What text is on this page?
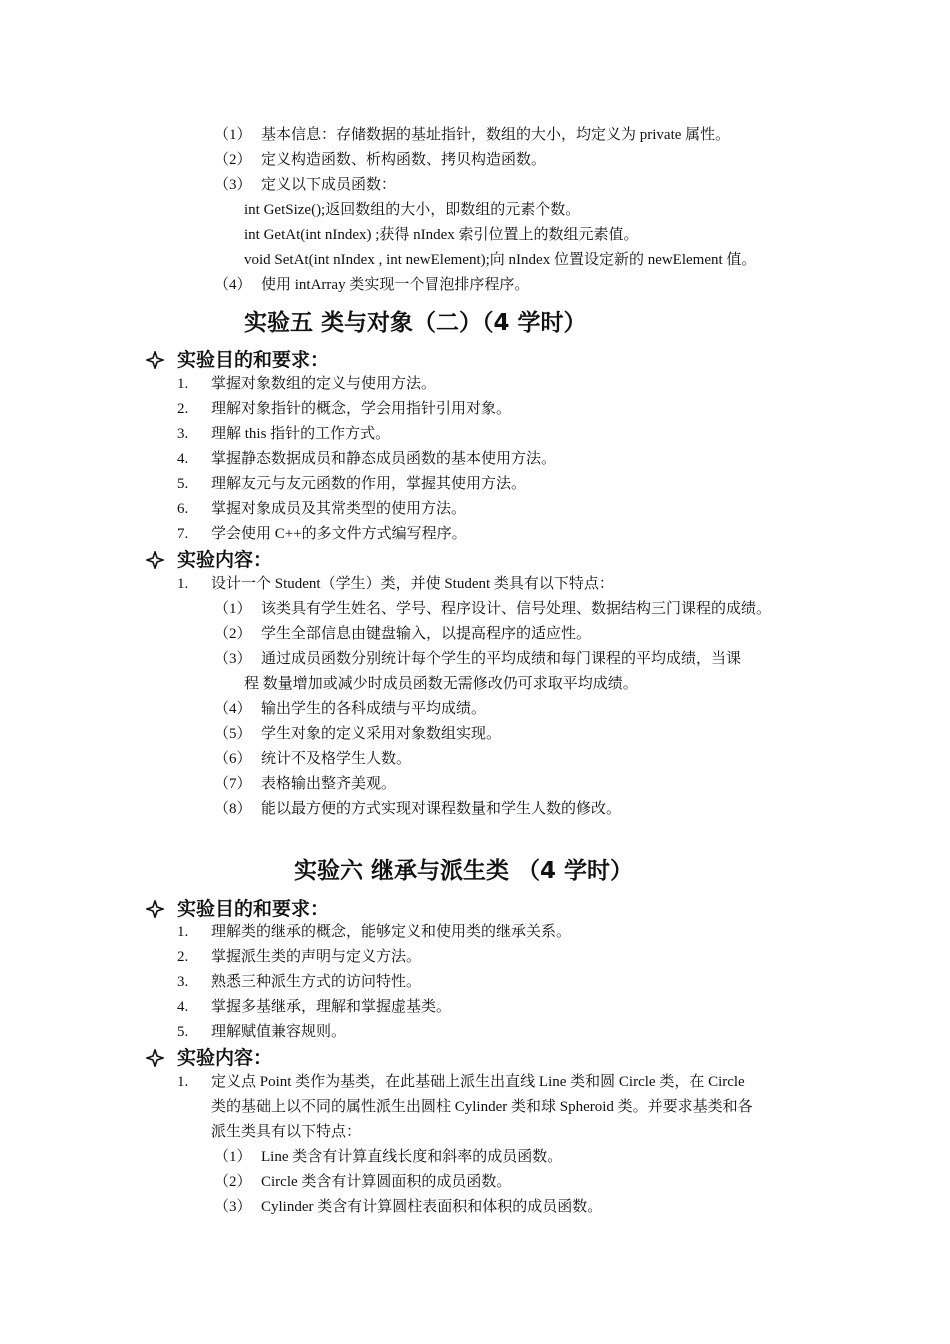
（1） 基本信息：存储数据的基址指针，数组的大小，均定义为 private 属性。
（2） 定义构造函数、析构函数、拷贝构造函数。
（3） 定义以下成员函数：
int GetSize();返回数组的大小，即数组的元素个数。
int GetAt(int nIndex) ;获得 nIndex 索引位置上的数组元素值。
void SetAt(int nIndex , int newElement);向 nIndex 位置设定新的 newElement 值。
（4） 使用 intArray 类实现一个冒泡排序程序。
实验五 类与对象（二）（4 学时）
实验目的和要求：
1. 掌握对象数组的定义与使用方法。
2. 理解对象指针的概念，学会用指针引用对象。
3. 理解 this 指针的工作方式。
4. 掌握静态数据成员和静态成员函数的基本使用方法。
5. 理解友元与友元函数的作用，掌握其使用方法。
6. 掌握对象成员及其常类型的使用方法。
7. 学会使用 C++的多文件方式编写程序。
实验内容：
1. 设计一个 Student（学生）类，并使 Student 类具有以下特点：
（1） 该类具有学生姓名、学号、程序设计、信号处理、数据结构三门课程的成绩。
（2） 学生全部信息由键盘输入，以提高程序的适应性。
（3） 通过成员函数分别统计每个学生的平均成绩和每门课程的平均成绩，当课
程 数量增加或减少时成员函数无需修改仍可求取平均成绩。
（4） 输出学生的各科成绩与平均成绩。
（5） 学生对象的定义采用对象数组实现。
（6） 统计不及格学生人数。
（7） 表格输出整齐美观。
（8） 能以最方便的方式实现对课程数量和学生人数的修改。
实验六 继承与派生类 （4 学时）
实验目的和要求：
1. 理解类的继承的概念，能够定义和使用类的继承关系。
2. 掌握派生类的声明与定义方法。
3. 熟悉三种派生方式的访问特性。
4. 掌握多基继承，理解和掌握虚基类。
5. 理解赋值兼容规则。
实验内容：
1. 定义点 Point 类作为基类，在此基础上派生出直线 Line 类和圆 Circle 类，在 Circle
类的基础上以不同的属性派生出圆柱 Cylinder 类和球 Spheroid 类。并要求基类和各
派生类具有以下特点：
（1） Line 类含有计算直线长度和斜率的成员函数。
（2） Circle 类含有计算圆面积的成员函数。
（3） Cylinder 类含有计算圆柱表面积和体积的成员函数。
